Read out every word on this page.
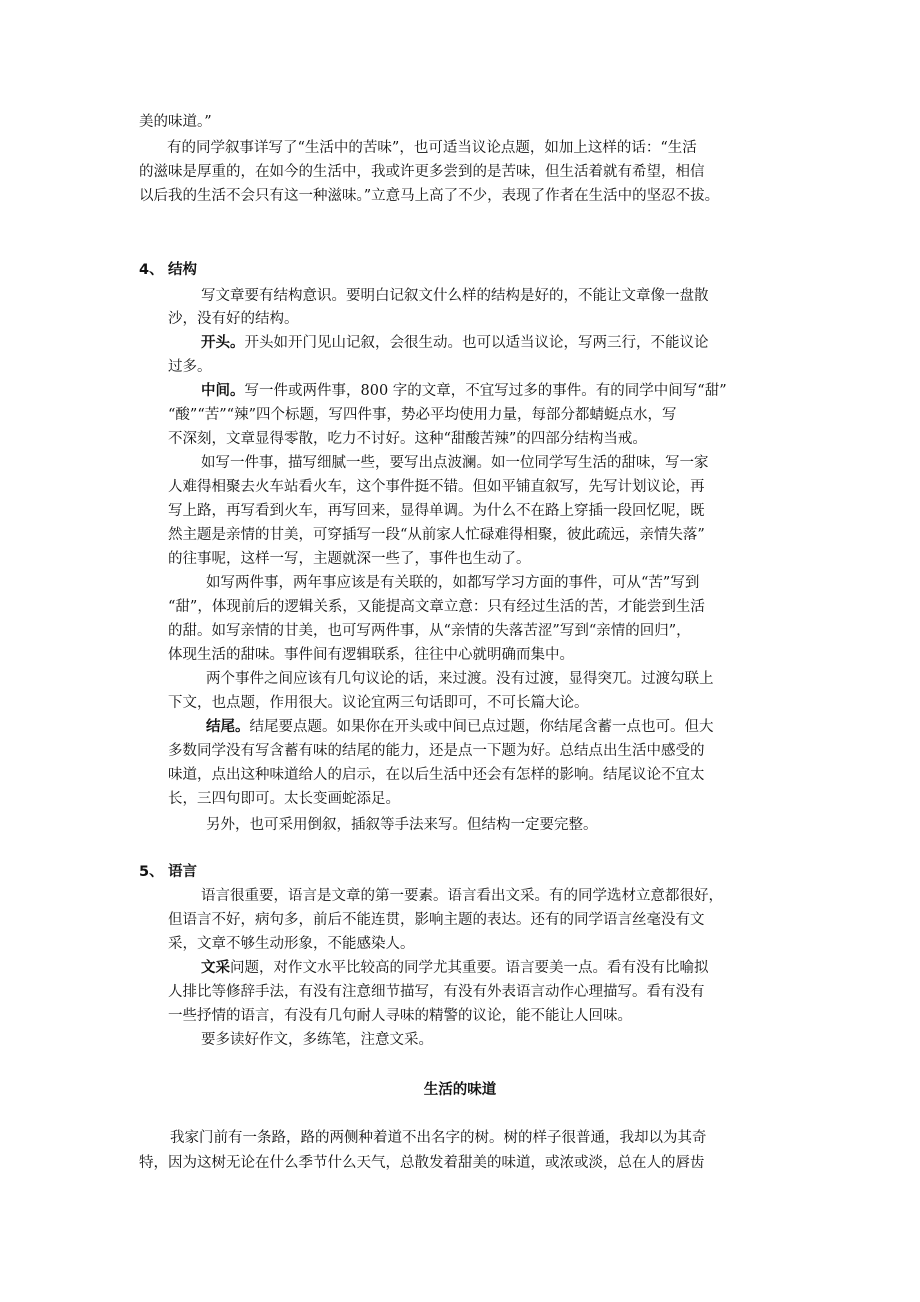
美的味道。”
有的同学叙事详写了“生活中的苦味”，也可适当议论点题，如加上这样的话：“生活
的滋味是厚重的，在如今的生活中，我或许更多尝到的是苦味，但生活着就有希望，相信
以后我的生活不会只有这一种滋味。”立意马上高了不少，表现了作者在生活中的坚忍不拔。
4、 结构
写文章要有结构意识。要明白记叙文什么样的结构是好的，不能让文章像一盘散
沙，没有好的结构。
开头。开头如开门见山记叙，会很生动。也可以适当议论，写两三行，不能议论
过多。
中间。写一件或两件事，800 字的文章，不宜写过多的事件。有的同学中间写“甜”
“酸”“苦”“辣”四个标题，写四件事，势必平均使用力量，每部分都蜻蜓点水，写
不深刻，文章显得零散，吃力不讨好。这种“甜酸苦辣”的四部分结构当戒。
如写一件事，描写细腻一些，要写出点波澜。如一位同学写生活的甜味，写一家
人难得相聚去火车站看火车，这个事件挺不错。但如平铺直叙写，先写计划议论，再
写上路，再写看到火车，再写回来，显得单调。为什么不在路上穿插一段回忆呢，既
然主题是亲情的甘美，可穿插写一段“从前家人忙碌难得相聚，彼此疏远，亲情失落”
的往事呢，这样一写，主题就深一些了，事件也生动了。
如写两件事，两年事应该是有关联的，如都写学习方面的事件，可从“苦”写到
“甜”，体现前后的逻辑关系，又能提高文章立意：只有经过生活的苦，才能尝到生活
的甜。如写亲情的甘美，也可写两件事，从“亲情的失落苦涩”写到“亲情的回归”，
体现生活的甜味。事件间有逻辑联系，往往中心就明确而集中。
两个事件之间应该有几句议论的话，来过渡。没有过渡，显得突兀。过渡勾联上
下文，也点题，作用很大。议论宜两三句话即可，不可长篇大论。
结尾。结尾要点题。如果你在开头或中间已点过题，你结尾含蓄一点也可。但大
多数同学没有写含蓄有味的结尾的能力，还是点一下题为好。总结点出生活中感受的
味道，点出这种味道给人的启示，在以后生活中还会有怎样的影响。结尾议论不宜太
长，三四句即可。太长变画蛇添足。
另外，也可采用倒叙，插叙等手法来写。但结构一定要完整。
5、 语言
语言很重要，语言是文章的第一要素。语言看出文采。有的同学选材立意都很好，
但语言不好，病句多，前后不能连贯，影响主题的表达。还有的同学语言丝毫没有文
采，文章不够生动形象，不能感染人。
文采问题，对作文水平比较高的同学尤其重要。语言要美一点。看有没有比喻拟
人排比等修辞手法，有没有注意细节描写，有没有外表语言动作心理描写。看有没有
一些抒情的语言，有没有几句耐人寻味的精警的议论，能不能让人回味。
要多读好作文，多练笔，注意文采。
生活的味道
我家门前有一条路，路的两侧种着道不出名字的树。树的样子很普通，我却以为其奇
特，因为这树无论在什么季节什么天气，总散发着甜美的味道，或浓或淡，总在人的唇齿
